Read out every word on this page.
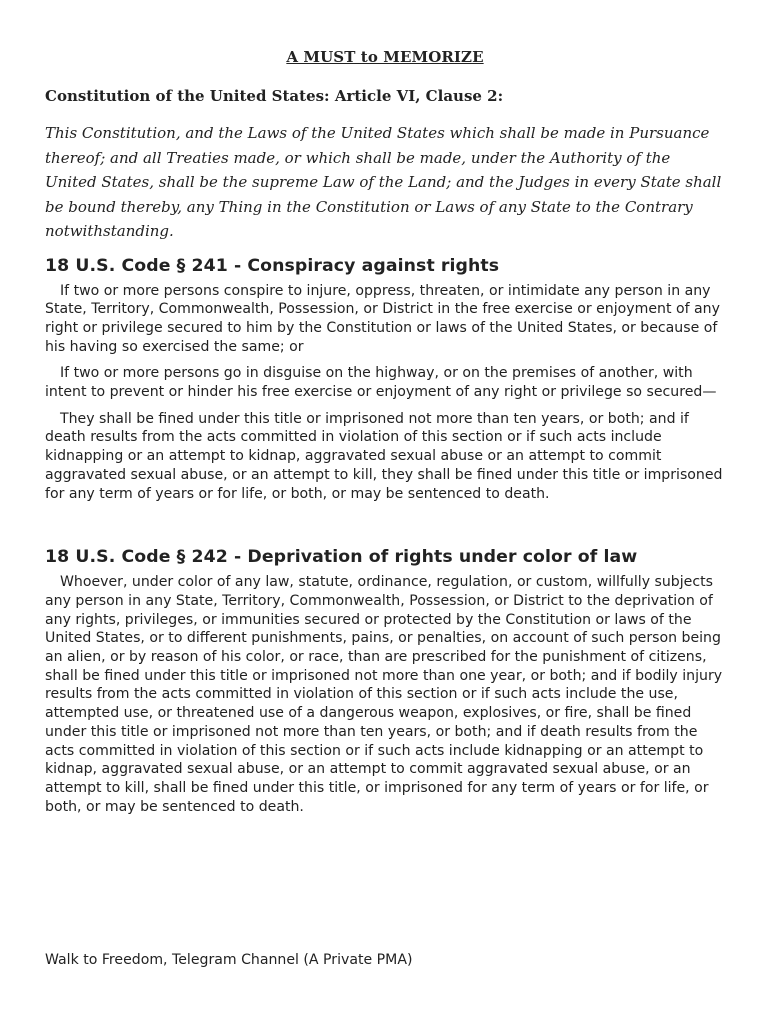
A MUST to MEMORIZE
Constitution of the United States: Article VI, Clause 2:

This Constitution, and the Laws of the United States which shall be made in Pursuance thereof; and all Treaties made, or which shall be made, under the Authority of the United States, shall be the supreme Law of the Land; and the Judges in every State shall be bound thereby, any Thing in the Constitution or Laws of any State to the Contrary notwithstanding.

18 U.S. Code § 241 - Conspiracy against rights

If two or more persons conspire to injure, oppress, threaten, or intimidate any person in any State, Territory, Commonwealth, Possession, or District in the free exercise or enjoyment of any right or privilege secured to him by the Constitution or laws of the United States, or because of his having so exercised the same; or

If two or more persons go in disguise on the highway, or on the premises of another, with intent to prevent or hinder his free exercise or enjoyment of any right or privilege so secured—

They shall be fined under this title or imprisoned not more than ten years, or both; and if death results from the acts committed in violation of this section or if such acts include kidnapping or an attempt to kidnap, aggravated sexual abuse or an attempt to commit aggravated sexual abuse, or an attempt to kill, they shall be fined under this title or imprisoned for any term of years or for life, or both, or may be sentenced to death.

18 U.S. Code § 242 - Deprivation of rights under color of law

Whoever, under color of any law, statute, ordinance, regulation, or custom, willfully subjects any person in any State, Territory, Commonwealth, Possession, or District to the deprivation of any rights, privileges, or immunities secured or protected by the Constitution or laws of the United States, or to different punishments, pains, or penalties, on account of such person being an alien, or by reason of his color, or race, than are prescribed for the punishment of citizens, shall be fined under this title or imprisoned not more than one year, or both; and if bodily injury results from the acts committed in violation of this section or if such acts include the use, attempted use, or threatened use of a dangerous weapon, explosives, or fire, shall be fined under this title or imprisoned not more than ten years, or both; and if death results from the acts committed in violation of this section or if such acts include kidnapping or an attempt to kidnap, aggravated sexual abuse, or an attempt to commit aggravated sexual abuse, or an attempt to kill, shall be fined under this title, or imprisoned for any term of years or for life, or both, or may be sentenced to death.

Walk to Freedom, Telegram Channel (A Private PMA)
